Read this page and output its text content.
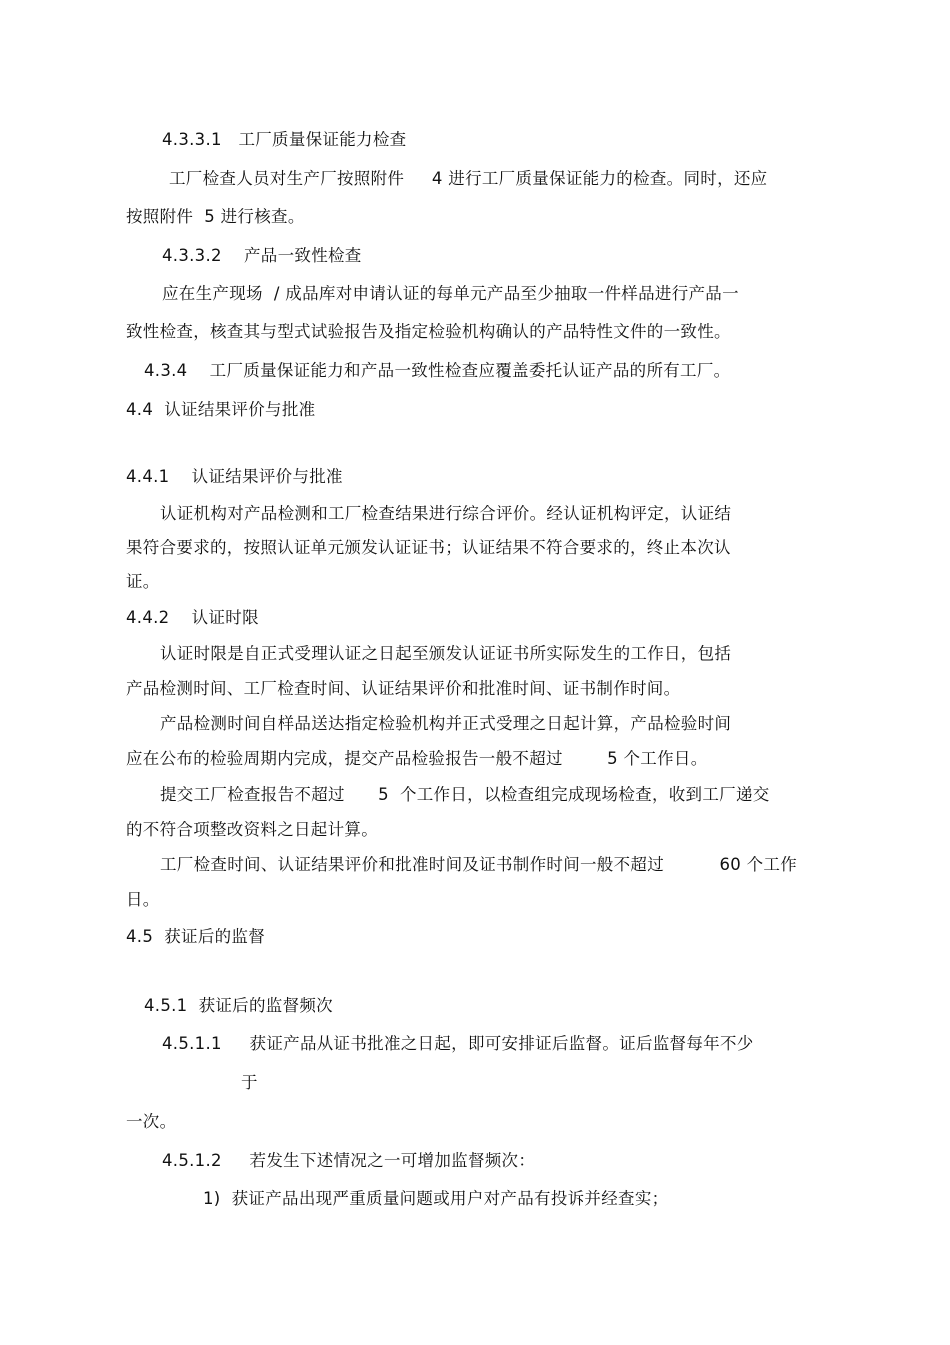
4.3.3.1   工厂质量保证能力检查
工厂检查人员对生产厂按照附件     4 进行工厂质量保证能力的检查。同时，还应
按照附件  5 进行核查。
4.3.3.2    产品一致性检查
应在生产现场  / 成品库对申请认证的每单元产品至少抽取一件样品进行产品一
致性检查，核查其与型式试验报告及指定检验机构确认的产品特性文件的一致性。
4.3.4    工厂质量保证能力和产品一致性检查应覆盖委托认证产品的所有工厂。
4.4  认证结果评价与批准
4.4.1    认证结果评价与批准
认证机构对产品检测和工厂检查结果进行综合评价。经认证机构评定，认证结
果符合要求的，按照认证单元颁发认证证书；认证结果不符合要求的，终止本次认
证。
4.4.2    认证时限
认证时限是自正式受理认证之日起至颁发认证证书所实际发生的工作日，包括
产品检测时间、工厂检查时间、认证结果评价和批准时间、证书制作时间。
产品检测时间自样品送达指定检验机构并正式受理之日起计算，产品检验时间
应在公布的检验周期内完成，提交产品检验报告一般不超过        5 个工作日。
提交工厂检查报告不超过      5  个工作日，以检查组完成现场检查，收到工厂递交
的不符合项整改资料之日起计算。
工厂检查时间、认证结果评价和批准时间及证书制作时间一般不超过          60 个工作
日。
4.5  获证后的监督
4.5.1  获证后的监督频次
4.5.1.1     获证产品从证书批准之日起，即可安排证后监督。证后监督每年不少
于
一次。
4.5.1.2     若发生下述情况之一可增加监督频次：
1)  获证产品出现严重质量问题或用户对产品有投诉并经查实；
